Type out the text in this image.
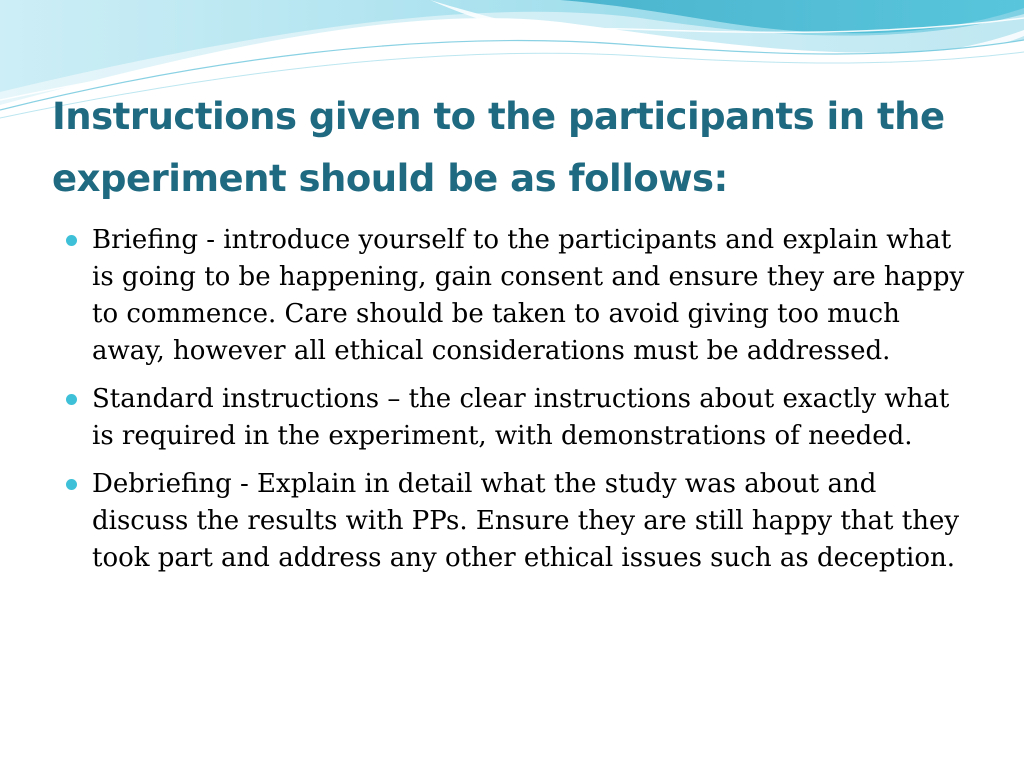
Instructions given to the participants in the experiment should be as follows:
Briefing - introduce yourself to the participants and explain what is going to be happening, gain consent and ensure they are happy to commence. Care should be taken to avoid giving too much away, however all ethical considerations must be addressed.
Standard instructions – the clear instructions about exactly what is required in the experiment, with demonstrations of needed.
Debriefing - Explain in detail what the study was about and discuss the results with PPs. Ensure they are still happy that they took part and address any other ethical issues such as deception.
